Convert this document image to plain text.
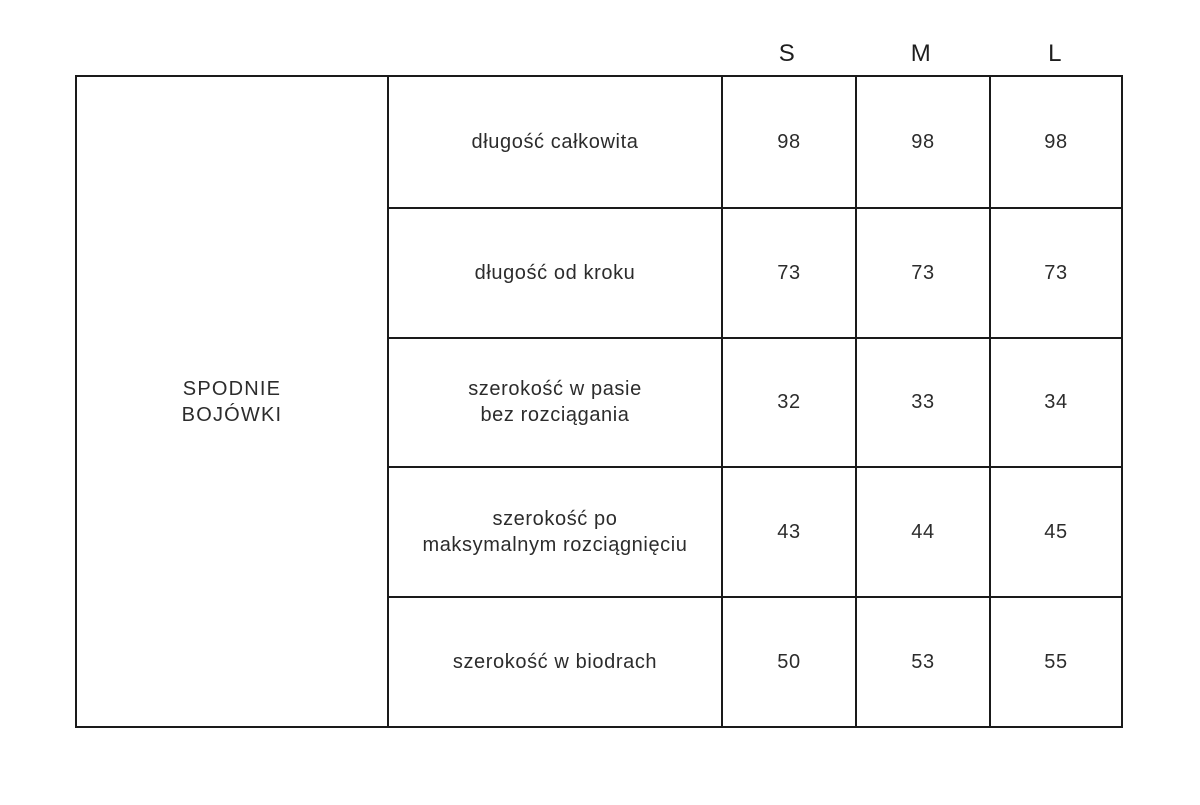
S	M	L
SPODNIE
BOJÓWKI
długość całkowita	98	98	98
długość od kroku	73	73	73
szerokość w pasie
bez rozciągania
32	33	34
szerokość po
maksymalnym rozciągnięciu
43	44	45
szerokość w biodrach	50	53	55
